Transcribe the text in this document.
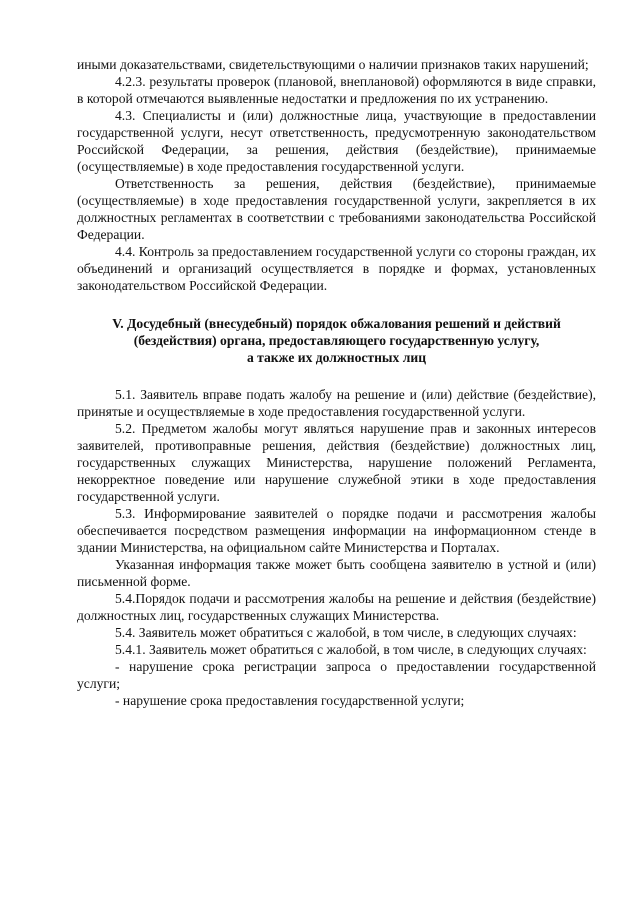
иными доказательствами, свидетельствующими о наличии признаков таких нарушений;

4.2.3. результаты проверок (плановой, внеплановой) оформляются в виде справки, в которой отмечаются выявленные недостатки и предложения по их устранению.

4.3. Специалисты и (или) должностные лица, участвующие в предоставлении государственной услуги, несут ответственность, предусмотренную законодательством Российской Федерации, за решения, действия (бездействие), принимаемые (осуществляемые) в ходе предоставления государственной услуги.

Ответственность за решения, действия (бездействие), принимаемые (осуществляемые) в ходе предоставления государственной услуги, закрепляется в их должностных регламентах в соответствии с требованиями законодательства Российской Федерации.

4.4. Контроль за предоставлением государственной услуги со стороны граждан, их объединений и организаций осуществляется в порядке и формах, установленных законодательством Российской Федерации.

V. Досудебный (внесудебный) порядок обжалования решений и действий
(бездействия) органа, предоставляющего государственную услугу,
а также их должностных лиц

5.1. Заявитель вправе подать жалобу на решение и (или) действие (бездействие), принятые и осуществляемые в ходе предоставления государственной услуги.

5.2. Предметом жалобы могут являться нарушение прав и законных интересов заявителей, противоправные решения, действия (бездействие) должностных лиц, государственных служащих Министерства, нарушение положений Регламента, некорректное поведение или нарушение служебной этики в ходе предоставления государственной услуги.

5.3. Информирование заявителей о порядке подачи и рассмотрения жалобы обеспечивается посредством размещения информации на информационном стенде в здании Министерства, на официальном сайте Министерства и Порталах.

Указанная информация также может быть сообщена заявителю в устной и (или) письменной форме.

5.4.Порядок подачи и рассмотрения жалобы на решение и действия (бездействие) должностных лиц, государственных служащих Министерства.

5.4. Заявитель может обратиться с жалобой, в том числе, в следующих случаях:

5.4.1. Заявитель может обратиться с жалобой, в том числе, в следующих случаях:

- нарушение срока регистрации запроса о предоставлении государственной услуги;

- нарушение срока предоставления государственной услуги;
